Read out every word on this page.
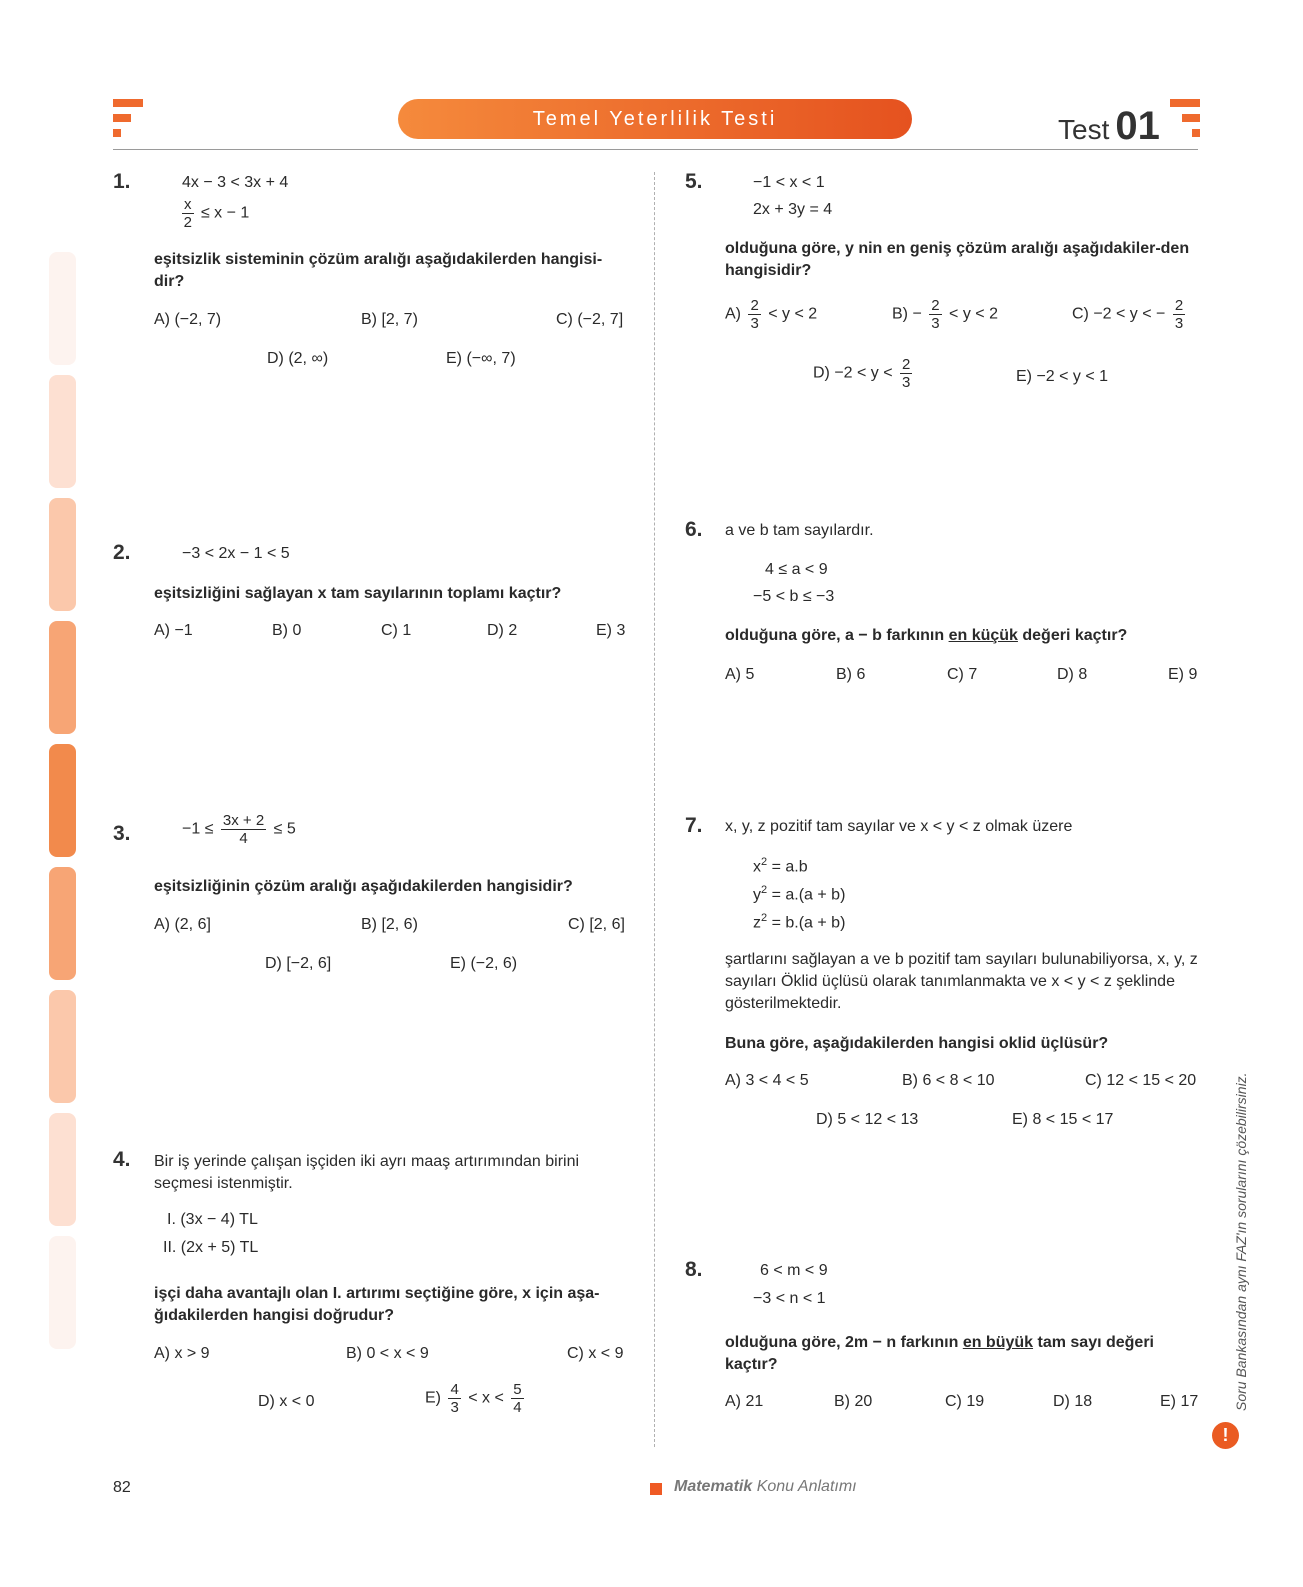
Temel Yeterlilik Testi	Test 01
1.	4x − 3 < 3x + 4
$\frac{x}{2} \le x - 1$
eşitsizlik sisteminin çözüm aralığı aşağıdakilerden hangisi-dir?
A) (−2, 7)	B) [2, 7)	C) (−2, 7]
D) (2, ∞)	E) (−∞, 7)
2.	−3 < 2x − 1 < 5
eşitsizliğini sağlayan x tam sayılarının toplamı kaçtır?
A) −1	B) 0	C) 1	D) 2	E) 3
3.	$-1 \le \frac{3x + 2}{4} \le 5$
eşitsizliğinin çözüm aralığı aşağıdakilerden hangisidir?
A) (2, 6]	B) [2, 6)	C) [2, 6]
D) [−2, 6]	E) (−2, 6)
4. Bir iş yerinde çalışan işçiden iki ayrı maaş artırımından birini seçmesi istenmiştir.
I. (3x − 4) TL
II. (2x + 5) TL
işçi daha avantajlı olan I. artırımı seçtiğine göre, x için aşa-ğıdakilerden hangisi doğrudur?
A) x > 9	B) 0 < x < 9	C) x < 9
D) x < 0	$E) \frac{4}{3} < x < \frac{5}{4}$
5.	−1 < x < 1
2x + 3y = 4
olduğuna göre, y nin en geniş çözüm aralığı aşağıdakiler-den hangisidir?
$A) \frac{2}{3} < y < 2$	$B) - \frac{2}{3} < y < 2$	C) −2 < y < − $\frac{2}{3}$
$D) -2 < y < \frac{2}{3}$	E) −2 < y < 1
6. a ve b tam sayılardır.
4 ≤ a < 9
−5 < b ≤ −3
olduğuna göre, a − b farkının en küçük değeri kaçtır?
A) 5	B) 6	C) 7	D) 8	E) 9
7. x, y, z pozitif tam sayılar ve x < y < z olmak üzere
$x^2 = a.b$
$y^2 = a.(a + b)$
$z^2 = b.(a + b)$
şartlarını sağlayan a ve b pozitif tam sayıları bulunabiliyorsa, x, y, z sayıları Öklid üçlüsü olarak tanımlanmakta ve x < y < z şeklinde gösterilmektedir.
Buna göre, aşağıdakilerden hangisi oklid üçlüsür?
A) 3 < 4 < 5	B) 6 < 8 < 10	C) 12 < 15 < 20
D) 5 < 12 < 13	E) 8 < 15 < 17
8.	6 < m < 9
−3 < n < 1
olduğuna göre, 2m − n farkının en büyük tam sayı değeri kaçtır?
A) 21	B) 20	C) 19	D) 18	E) 17 Soru Bankasından aynı FAZ'ın sorularını çözebilirsiniz.
!
82	Matematik Konu Anlatımı
